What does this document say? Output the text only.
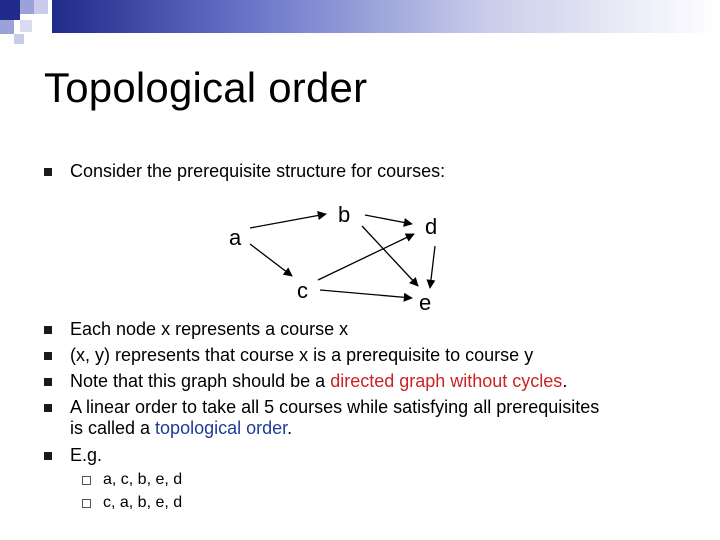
Topological order

Consider the prerequisite structure for courses:

a
b
c
d
e

Each node x represents a course x

(x, y) represents that course x is a prerequisite to course y

Note that this graph should be a directed graph without cycles.

A linear order to take all 5 courses while satisfying all prerequisites
is called a topological order.

E.g.

a, c, b, e, d

c, a, b, e, d
